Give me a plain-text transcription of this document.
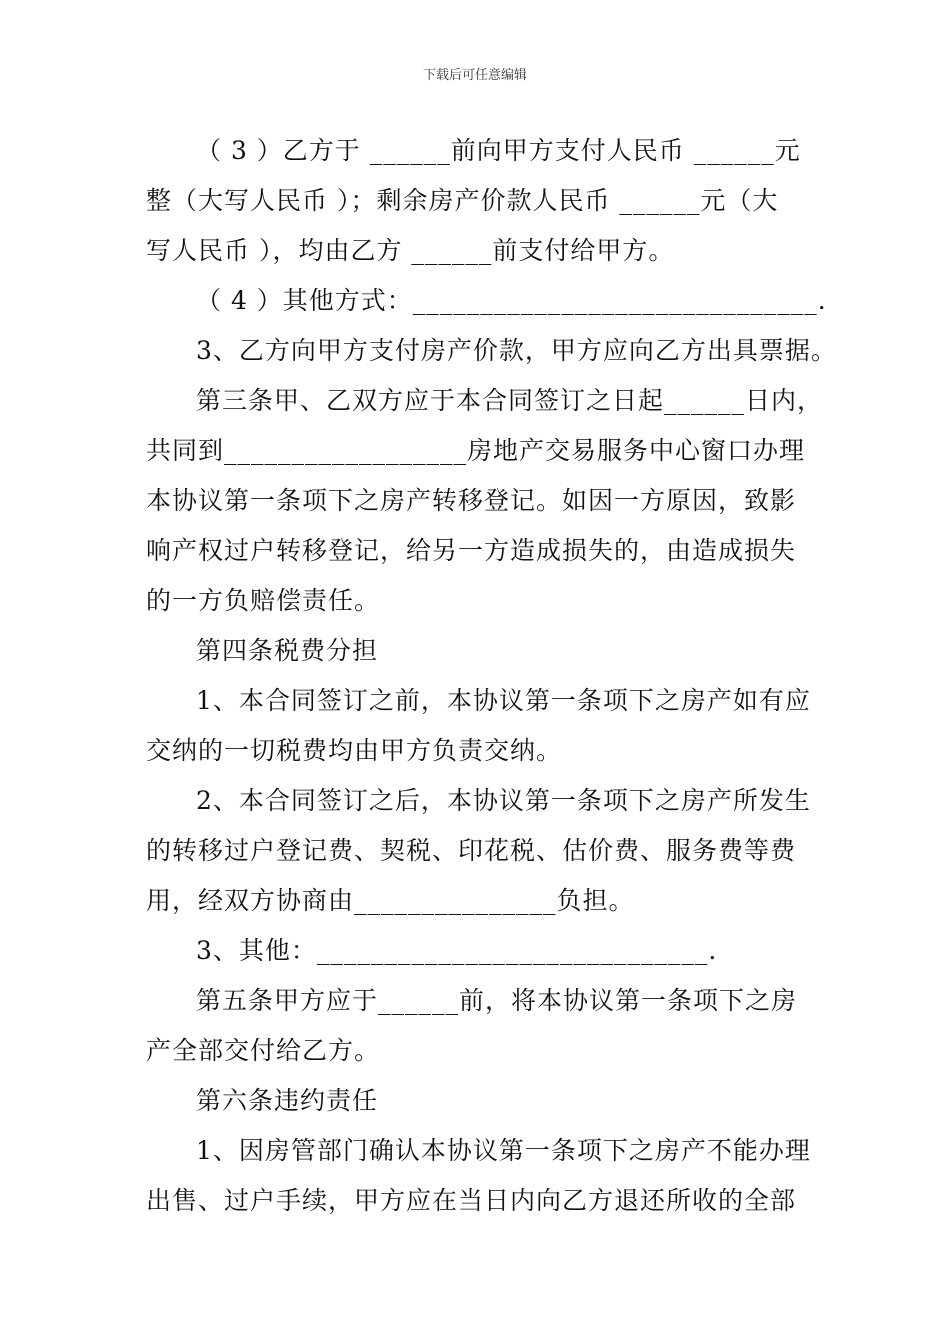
下载后可任意编辑
（ 3 ）乙方于 ______前向甲方支付人民币 ______元
整（大写人民币 ）；剩余房产价款人民币 ______元（大
写人民币 ），均由乙方 ______前支付给甲方。
（ 4 ）其他方式：______________________________.
3、乙方向甲方支付房产价款，甲方应向乙方出具票据。
第三条甲、乙双方应于本合同签订之日起______日内，
共同到__________________房地产交易服务中心窗口办理
本协议第一条项下之房产转移登记。如因一方原因，致影
响产权过户转移登记，给另一方造成损失的，由造成损失
的一方负赔偿责任。
第四条税费分担
1、本合同签订之前，本协议第一条项下之房产如有应
交纳的一切税费均由甲方负责交纳。
2、本合同签订之后，本协议第一条项下之房产所发生
的转移过户登记费、契税、印花税、估价费、服务费等费
用，经双方协商由_______________负担。
3、其他：_____________________________.
第五条甲方应于______前，将本协议第一条项下之房
产全部交付给乙方。
第六条违约责任
1、因房管部门确认本协议第一条项下之房产不能办理
出售、过户手续，甲方应在当日内向乙方退还所收的全部
